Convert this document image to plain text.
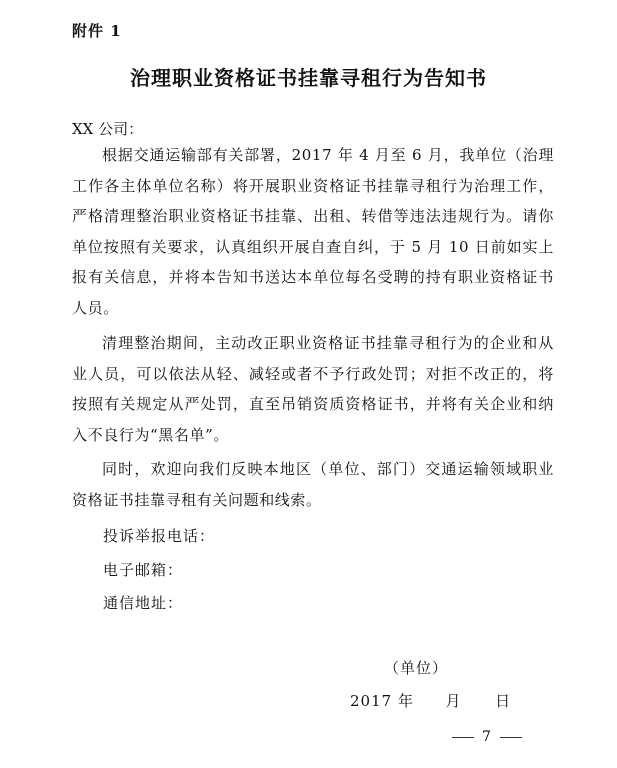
附件 1
治理职业资格证书挂靠寻租行为告知书
XX 公司：
根据交通运输部有关部署，2017 年 4 月至 6 月，我单位（治理工作各主体单位名称）将开展职业资格证书挂靠寻租行为治理工作，严格清理整治职业资格证书挂靠、出租、转借等违法违规行为。请你单位按照有关要求，认真组织开展自查自纠，于 5 月 10 日前如实上报有关信息，并将本告知书送达本单位每名受聘的持有职业资格证书人员。
清理整治期间，主动改正职业资格证书挂靠寻租行为的企业和从业人员，可以依法从轻、减轻或者不予行政处罚；对拒不改正的，将按照有关规定从严处罚，直至吊销资质资格证书，并将有关企业和纳入不良行为“黑名单”。
同时，欢迎向我们反映本地区（单位、部门）交通运输领域职业资格证书挂靠寻租有关问题和线索。
投诉举报电话：
电子邮箱：
通信地址：
（单位）
2017 年 月 日
7
